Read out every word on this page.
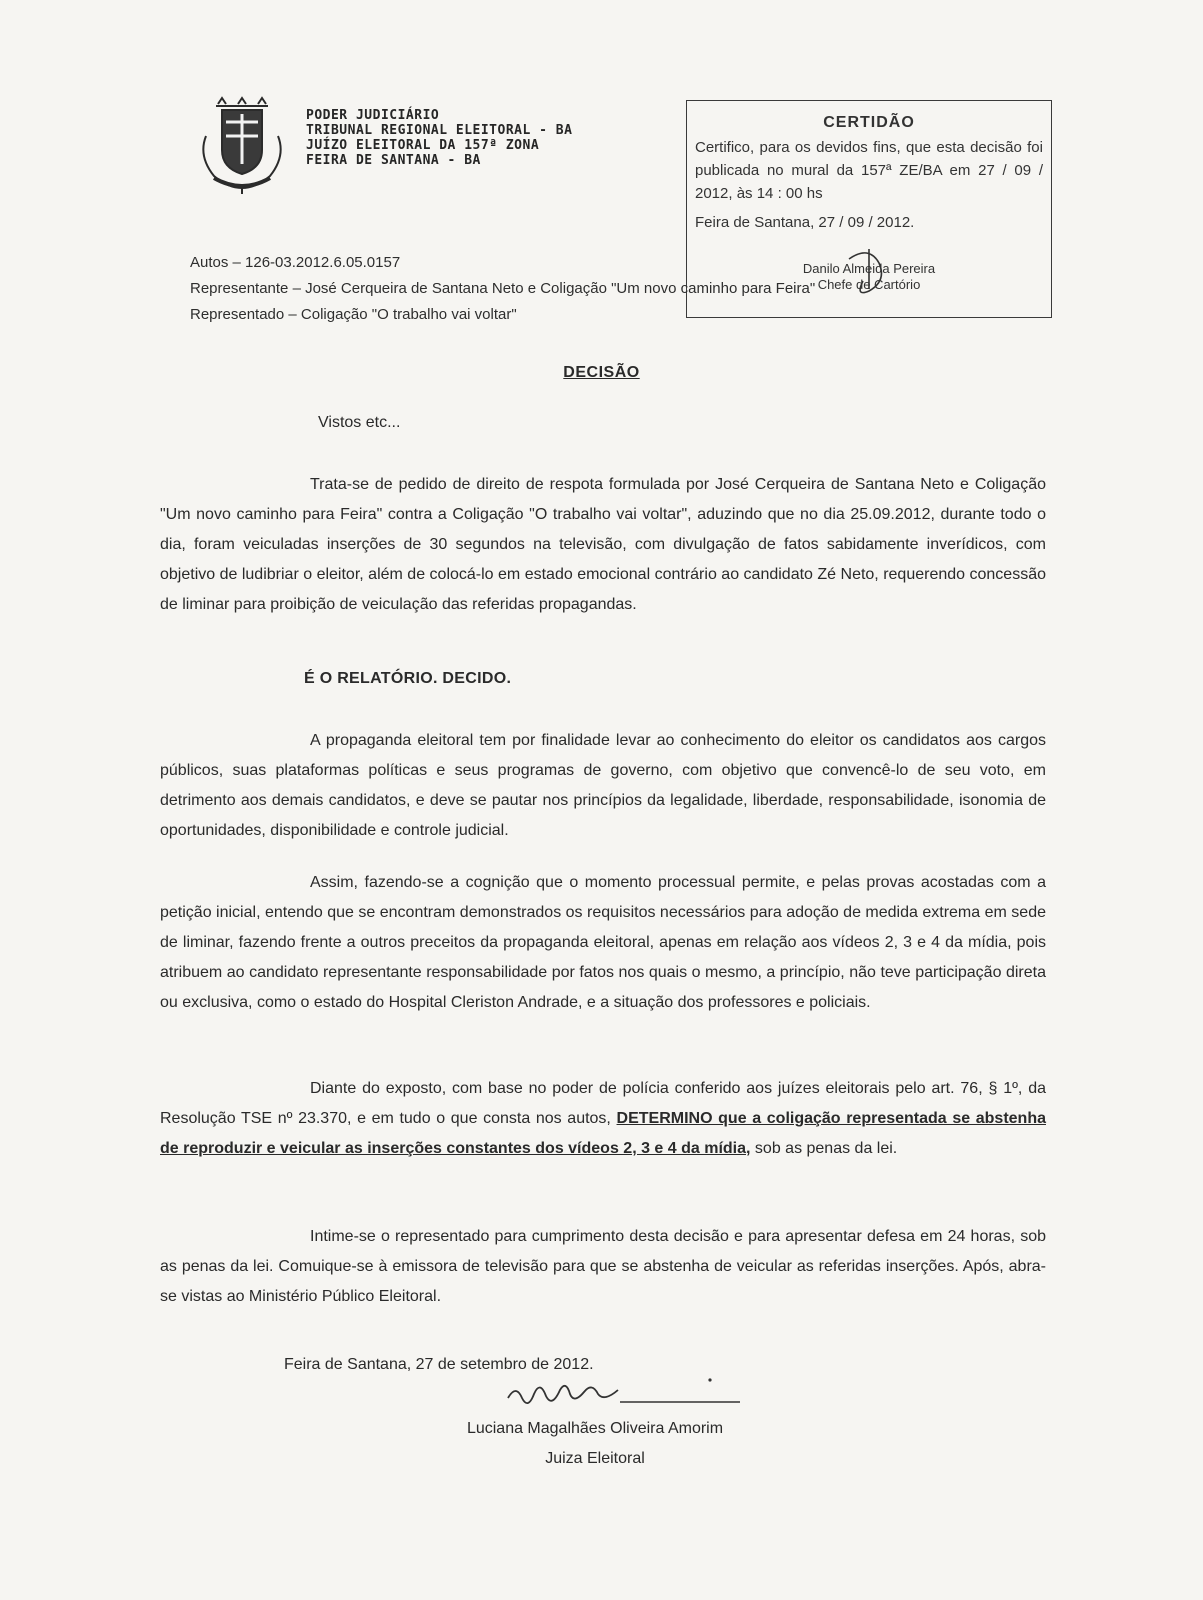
PODER JUDICIÁRIO
TRIBUNAL REGIONAL ELEITORAL - BA
JUÍZO ELEITORAL DA 157ª ZONA
FEIRA DE SANTANA - BA
CERTIDÃO
Certifico, para os devidos fins, que esta decisão foi publicada no mural da 157ª ZE/BA em 27 / 09 / 2012, às 14 : 00 hs
Feira de Santana, 27 / 09 / 2012.
Danilo Almeida Pereira
Chefe de Cartório
Autos – 126-03.2012.6.05.0157
Representante – José Cerqueira de Santana Neto e Coligação "Um novo caminho para Feira"
Representado – Coligação "O trabalho vai voltar"
DECISÃO
Vistos etc...
Trata-se de pedido de direito de respota formulada por José Cerqueira de Santana Neto e Coligação "Um novo caminho para Feira" contra a Coligação "O trabalho vai voltar", aduzindo que no dia 25.09.2012, durante todo o dia, foram veiculadas inserções de 30 segundos na televisão, com divulgação de fatos sabidamente inverídicos, com objetivo de ludibriar o eleitor, além de colocá-lo em estado emocional contrário ao candidato Zé Neto, requerendo concessão de liminar para proibição de veiculação das referidas propagandas.
É O RELATÓRIO. DECIDO.
A propaganda eleitoral tem por finalidade levar ao conhecimento do eleitor os candidatos aos cargos públicos, suas plataformas políticas e seus programas de governo, com objetivo que convencê-lo de seu voto, em detrimento aos demais candidatos, e deve se pautar nos princípios da legalidade, liberdade, responsabilidade, isonomia de oportunidades, disponibilidade e controle judicial.
Assim, fazendo-se a cognição que o momento processual permite, e pelas provas acostadas com a petição inicial, entendo que se encontram demonstrados os requisitos necessários para adoção de medida extrema em sede de liminar, fazendo frente a outros preceitos da propaganda eleitoral, apenas em relação aos vídeos 2, 3 e 4 da mídia, pois atribuem ao candidato representante responsabilidade por fatos nos quais o mesmo, a princípio, não teve participação direta ou exclusiva, como o estado do Hospital Cleriston Andrade, e a situação dos professores e policiais.
Diante do exposto, com base no poder de polícia conferido aos juízes eleitorais pelo art. 76, § 1º, da Resolução TSE nº 23.370, e em tudo o que consta nos autos, DETERMINO que a coligação representada se abstenha de reproduzir e veicular as inserções constantes dos vídeos 2, 3 e 4 da mídia, sob as penas da lei.
Intime-se o representado para cumprimento desta decisão e para apresentar defesa em 24 horas, sob as penas da lei. Comuique-se à emissora de televisão para que se abstenha de veicular as referidas inserções. Após, abra-se vistas ao Ministério Público Eleitoral.
Feira de Santana, 27 de setembro de 2012.
Luciana Magalhães Oliveira Amorim
Juiza Eleitoral
